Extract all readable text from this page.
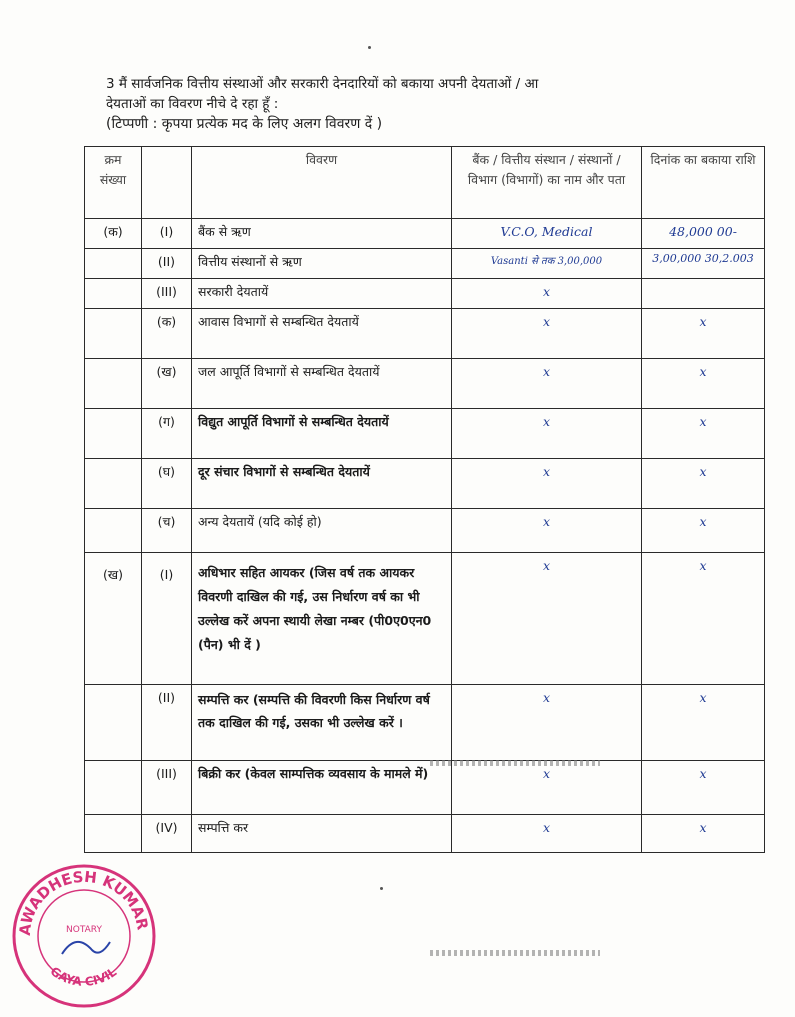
3 मैं सार्वजनिक वित्तीय संस्थाओं और सरकारी देनदारियों को बकाया अपनी देयताओं / आ

देयताओं का विवरण नीचे दे रहा हूँ :

(टिप्पणी : कृपया प्रत्येक मद के लिए अलग विवरण दें )

क्रम संख्या		विवरण	बैंक / वित्तीय संस्थान / संस्थानों / विभाग (विभागों) का नाम और पता	दिनांक का बकाया राशि
(क)	(I)	बैंक से ऋण	V.C.O, Medical	48,000 00-
	(II)	वित्तीय संस्थानों से ऋण	Vasanti से तक 3,00,000	3,00,000 30,2.003
	(III)	सरकारी देयतायें	x	
	(क)	आवास विभागों से सम्बन्धित देयतायें	x	x
	(ख)	जल आपूर्ति विभागों से सम्बन्धित देयतायें	x	x
	(ग)	विद्युत आपूर्ति विभागों से सम्बन्धित देयतायें	x	x
	(घ)	दूर संचार विभागों से सम्बन्धित देयतायें	x	x
	(च)	अन्य देयतायें (यदि कोई हो)	x	x
(ख)	(I)	अधिभार सहित आयकर (जिस वर्ष तक आयकर विवरणी दाखिल की गई, उस निर्धारण वर्ष का भी उल्लेख करें अपना स्थायी लेखा नम्बर (पी0ए0एन0 (पैन) भी दें )	x	x
	(II)	सम्पत्ति कर (सम्पत्ति की विवरणी किस निर्धारण वर्ष तक दाखिल की गई, उसका भी उल्लेख करें ।	x	x
	(III)	बिक्री कर (केवल साम्पत्तिक व्यवसाय के मामले में)	x	x
	(IV)	सम्पत्ति कर	x	x
AWADHESH KUMAR
GAYA CIVIL
NOTARY
